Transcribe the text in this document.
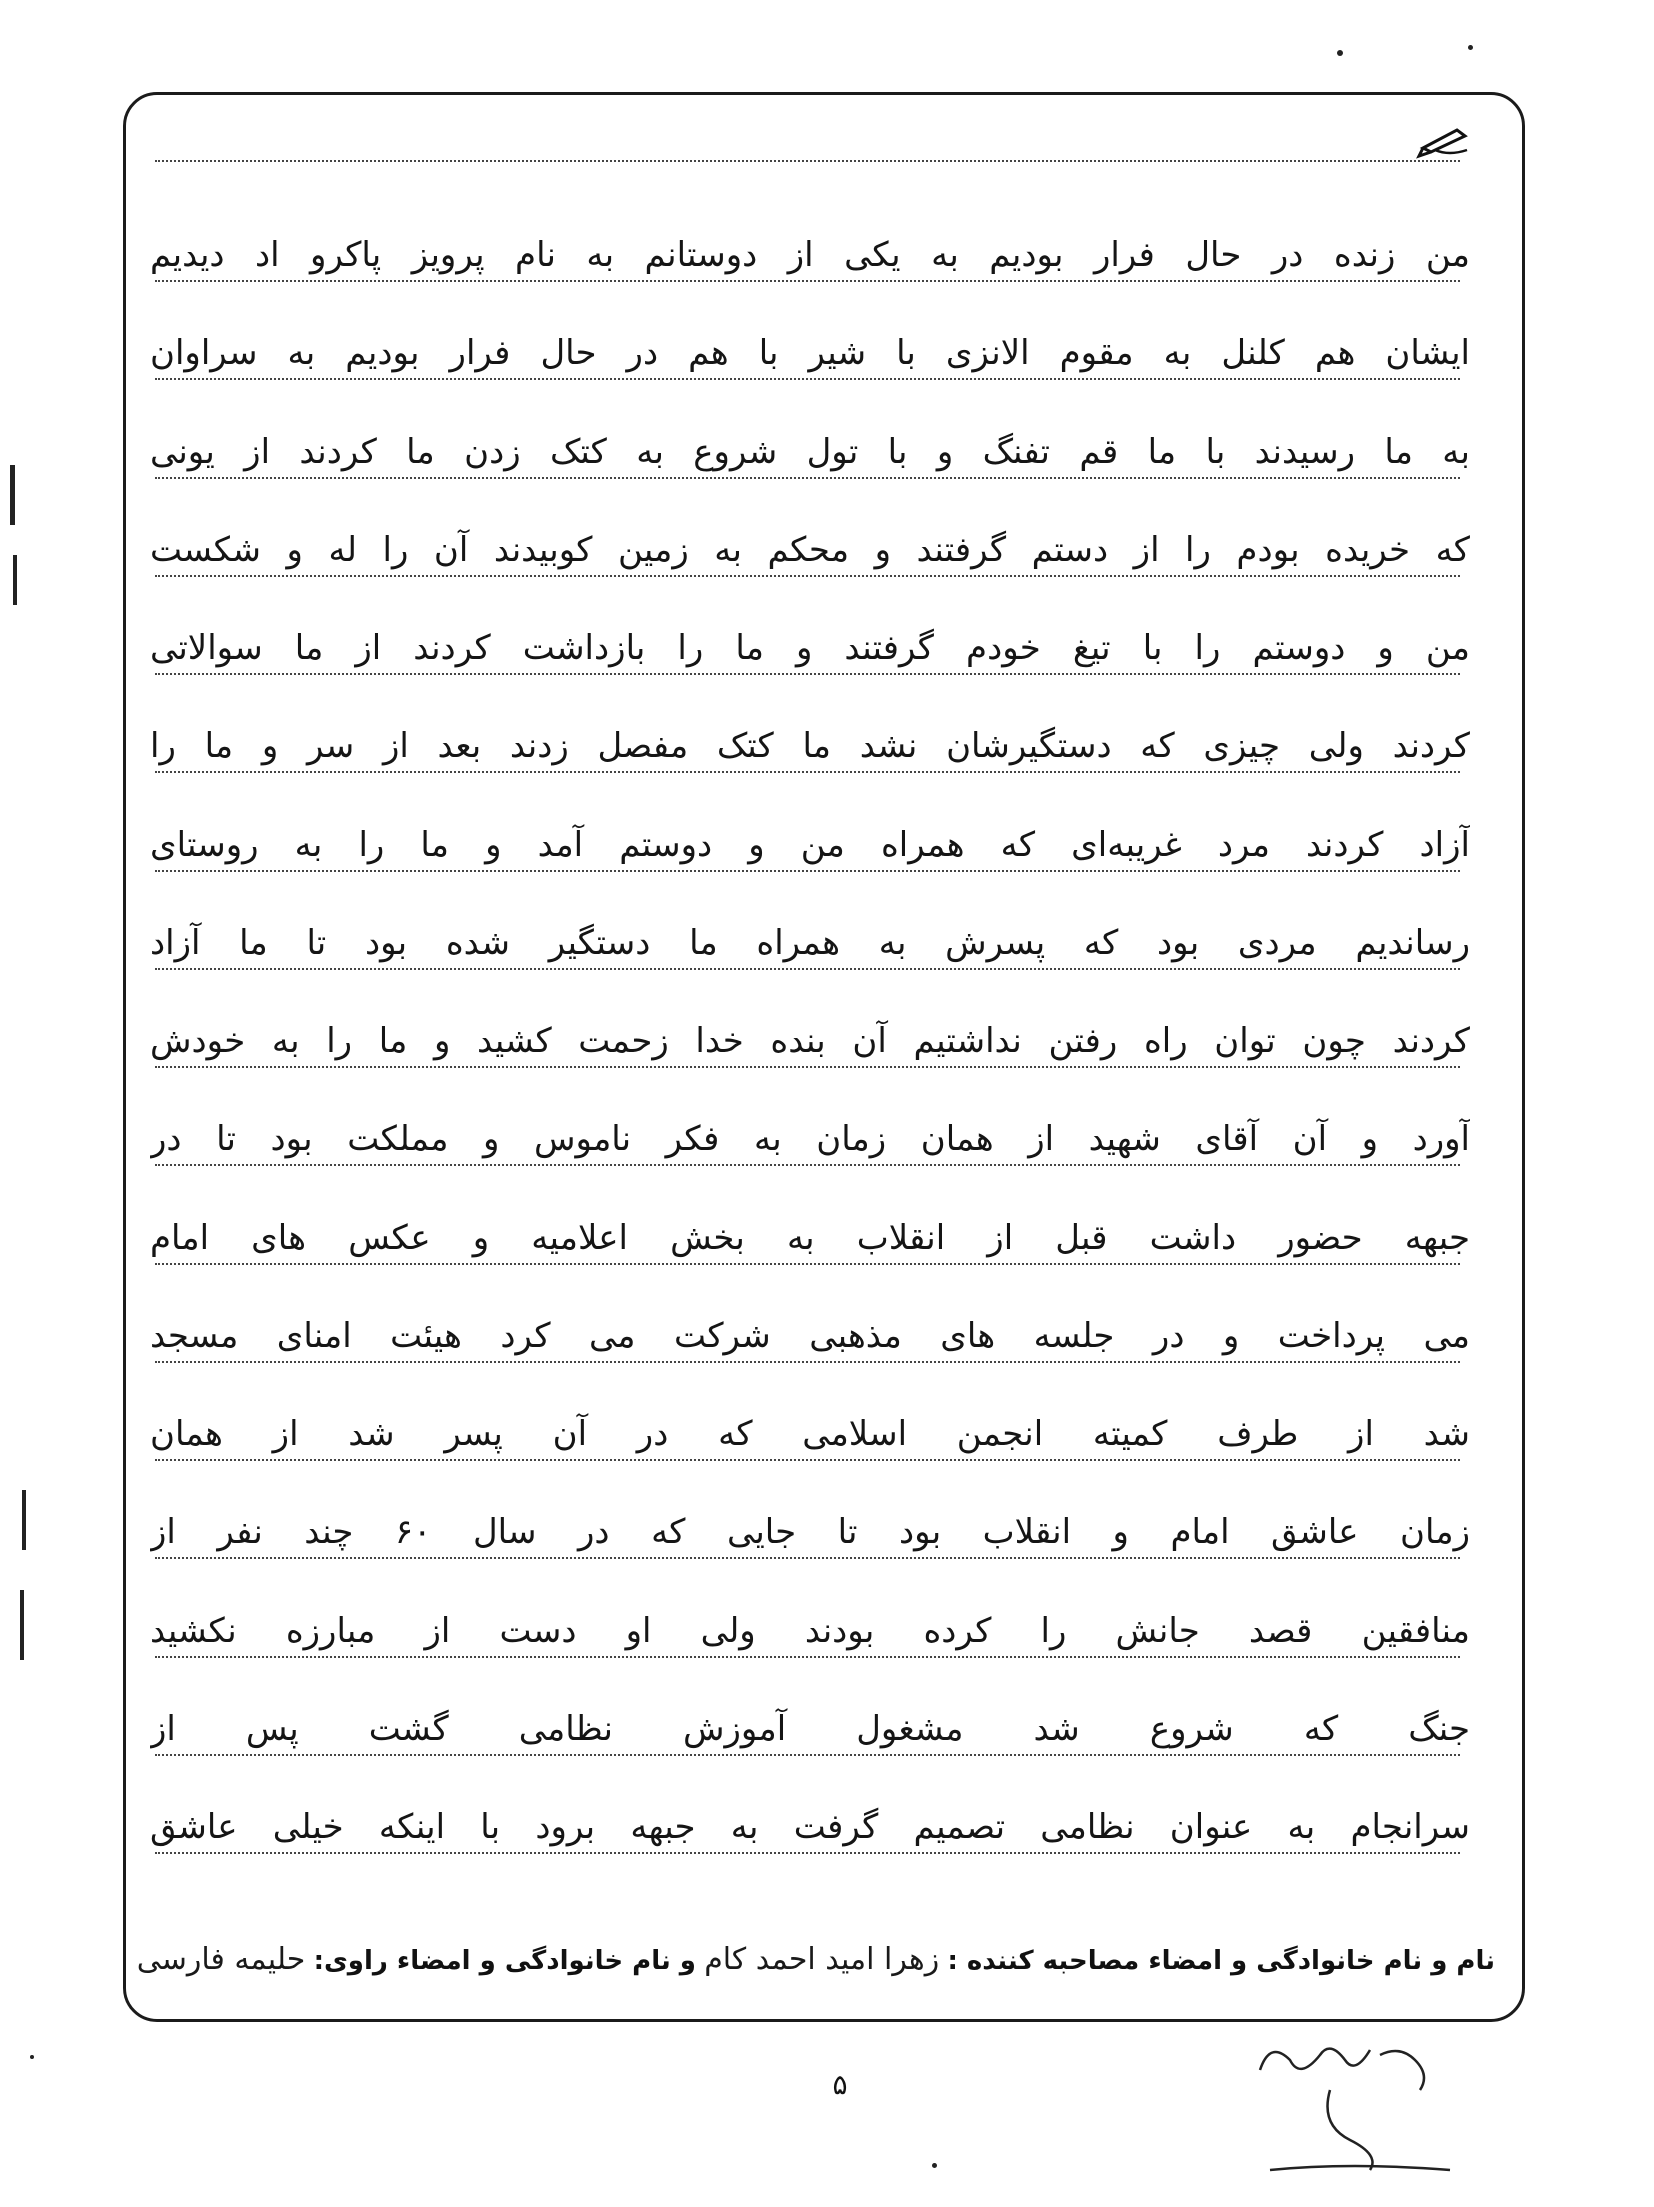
من زنده در حال فرار بودیم به یکی از دوستانم به نام پرویز پاکرو اد دیدیم
ایشان هم کلنل به مقوم الانزی با شیر با هم در حال فرار بودیم به سراوان
به ما رسیدند با ما قم تفنگ و با تول شروع به کتک زدن ما کردند از یونی
که خریده بودم را از دستم گرفتند و محکم به زمین کوبیدند آن را له و شکست
من و دوستم را با تیغ خودم گرفتند و ما را بازداشت کردند از ما سوالاتی
کردند ولی چیزی که دستگیرشان نشد ما کتک مفصل زدند بعد از سر و ما را
آزاد کردند مرد غریبه‌ای که همراه من و دوستم آمد و ما را به روستای
رساندیم مردی بود که پسرش به همراه ما دستگیر شده بود تا ما آزاد
کردند چون توان راه رفتن نداشتیم آن بنده خدا زحمت کشید و ما را به خودش
آورد و آن آقای شهید از همان زمان به فکر ناموس و مملکت بود تا در
جبهه حضور داشت قبل از انقلاب به بخش اعلامیه و عکس های امام
می پرداخت و در جلسه های مذهبی شرکت می کرد هیئت امنای مسجد
شد از طرف کمیته انجمن اسلامی که در آن پسر شد از همان
زمان عاشق امام و انقلاب بود تا جایی که در سال ۶۰ چند نفر از
منافقین قصد جانش را کرده بودند ولی او دست از مبارزه نکشید
جنگ که شروع شد مشغول آموزش نظامی گشت پس از
سرانجام به عنوان نظامی تصمیم گرفت به جبهه برود با اینکه خیلی عاشق
نام و نام خانوادگی و امضاء مصاحبه کننده : زهرا امید احمد کام و نام خانوادگی و امضاء راوی: حلیمه فارسی
۵
